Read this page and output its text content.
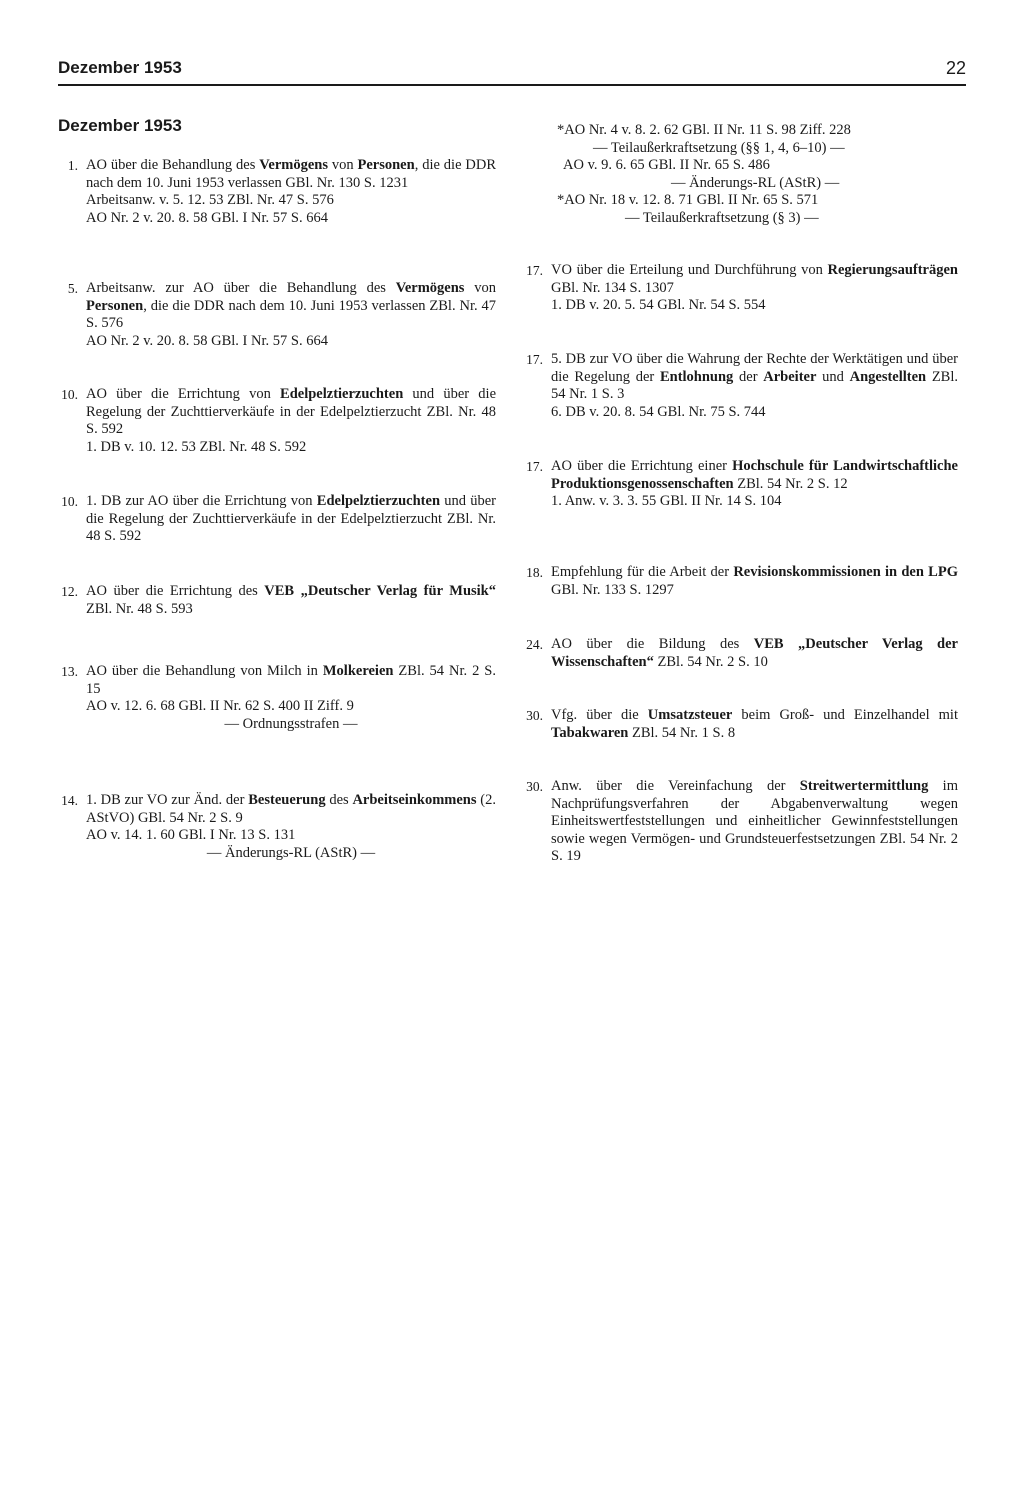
Dezember 1953	22
Dezember 1953
1. AO über die Behandlung des Vermögens von Personen, die die DDR nach dem 10. Juni 1953 verlassen GBl. Nr. 130 S. 1231
Arbeitsanw. v. 5. 12. 53 ZBl. Nr. 47 S. 576
AO Nr. 2 v. 20. 8. 58 GBl. I Nr. 57 S. 664
5. Arbeitsanw. zur AO über die Behandlung des Vermögens von Personen, die die DDR nach dem 10. Juni 1953 verlassen ZBl. Nr. 47 S. 576
AO Nr. 2 v. 20. 8. 58 GBl. I Nr. 57 S. 664
10. AO über die Errichtung von Edelpelztierzuchten und über die Regelung der Zuchttierverkäufe in der Edelpelztierzucht ZBl. Nr. 48 S. 592
1. DB v. 10. 12. 53 ZBl. Nr. 48 S. 592
10. 1. DB zur AO über die Errichtung von Edelpelztierzuchten und über die Regelung der Zuchttierverkäufe in der Edelpelztierzucht ZBl. Nr. 48 S. 592
12. AO über die Errichtung des VEB „Deutscher Verlag für Musik“ ZBl. Nr. 48 S. 593
13. AO über die Behandlung von Milch in Molkereien ZBl. 54 Nr. 2 S. 15
AO v. 12. 6. 68 GBl. II Nr. 62 S. 400 II Ziff. 9
— Ordnungsstrafen —
14. 1. DB zur VO zur Änd. der Besteuerung des Arbeitseinkommens (2. AStVO) GBl. 54 Nr. 2 S. 9
AO v. 14. 1. 60 GBl. I Nr. 13 S. 131
— Änderungs-RL (AStR) —
*AO Nr. 4 v. 8. 2. 62 GBl. II Nr. 11 S. 98 Ziff. 228
— Teilaußerkraftsetzung (§§ 1, 4, 6–10) —
AO v. 9. 6. 65 GBl. II Nr. 65 S. 486
— Änderungs-RL (AStR) —
*AO Nr. 18 v. 12. 8. 71 GBl. II Nr. 65 S. 571
— Teilaußerkraftsetzung (§ 3) —
17. VO über die Erteilung und Durchführung von Regierungsaufträgen GBl. Nr. 134 S. 1307
1. DB v. 20. 5. 54 GBl. Nr. 54 S. 554
17. 5. DB zur VO über die Wahrung der Rechte der Werktätigen und über die Regelung der Entlohnung der Arbeiter und Angestellten ZBl. 54 Nr. 1 S. 3
6. DB v. 20. 8. 54 GBl. Nr. 75 S. 744
17. AO über die Errichtung einer Hochschule für Landwirtschaftliche Produktionsgenossenschaften ZBl. 54 Nr. 2 S. 12
1. Anw. v. 3. 3. 55 GBl. II Nr. 14 S. 104
18. Empfehlung für die Arbeit der Revisionskommissionen in den LPG GBl. Nr. 133 S. 1297
24. AO über die Bildung des VEB „Deutscher Verlag der Wissenschaften“ ZBl. 54 Nr. 2 S. 10
30. Vfg. über die Umsatzsteuer beim Groß- und Einzelhandel mit Tabakwaren ZBl. 54 Nr. 1 S. 8
30. Anw. über die Vereinfachung der Streitwertermittlung im Nachprüfungsverfahren der Abgabenverwaltung wegen Einheitswertfeststellungen und einheitlicher Gewinnfeststellungen sowie wegen Vermögen- und Grundsteuerfestsetzungen ZBl. 54 Nr. 2 S. 19
